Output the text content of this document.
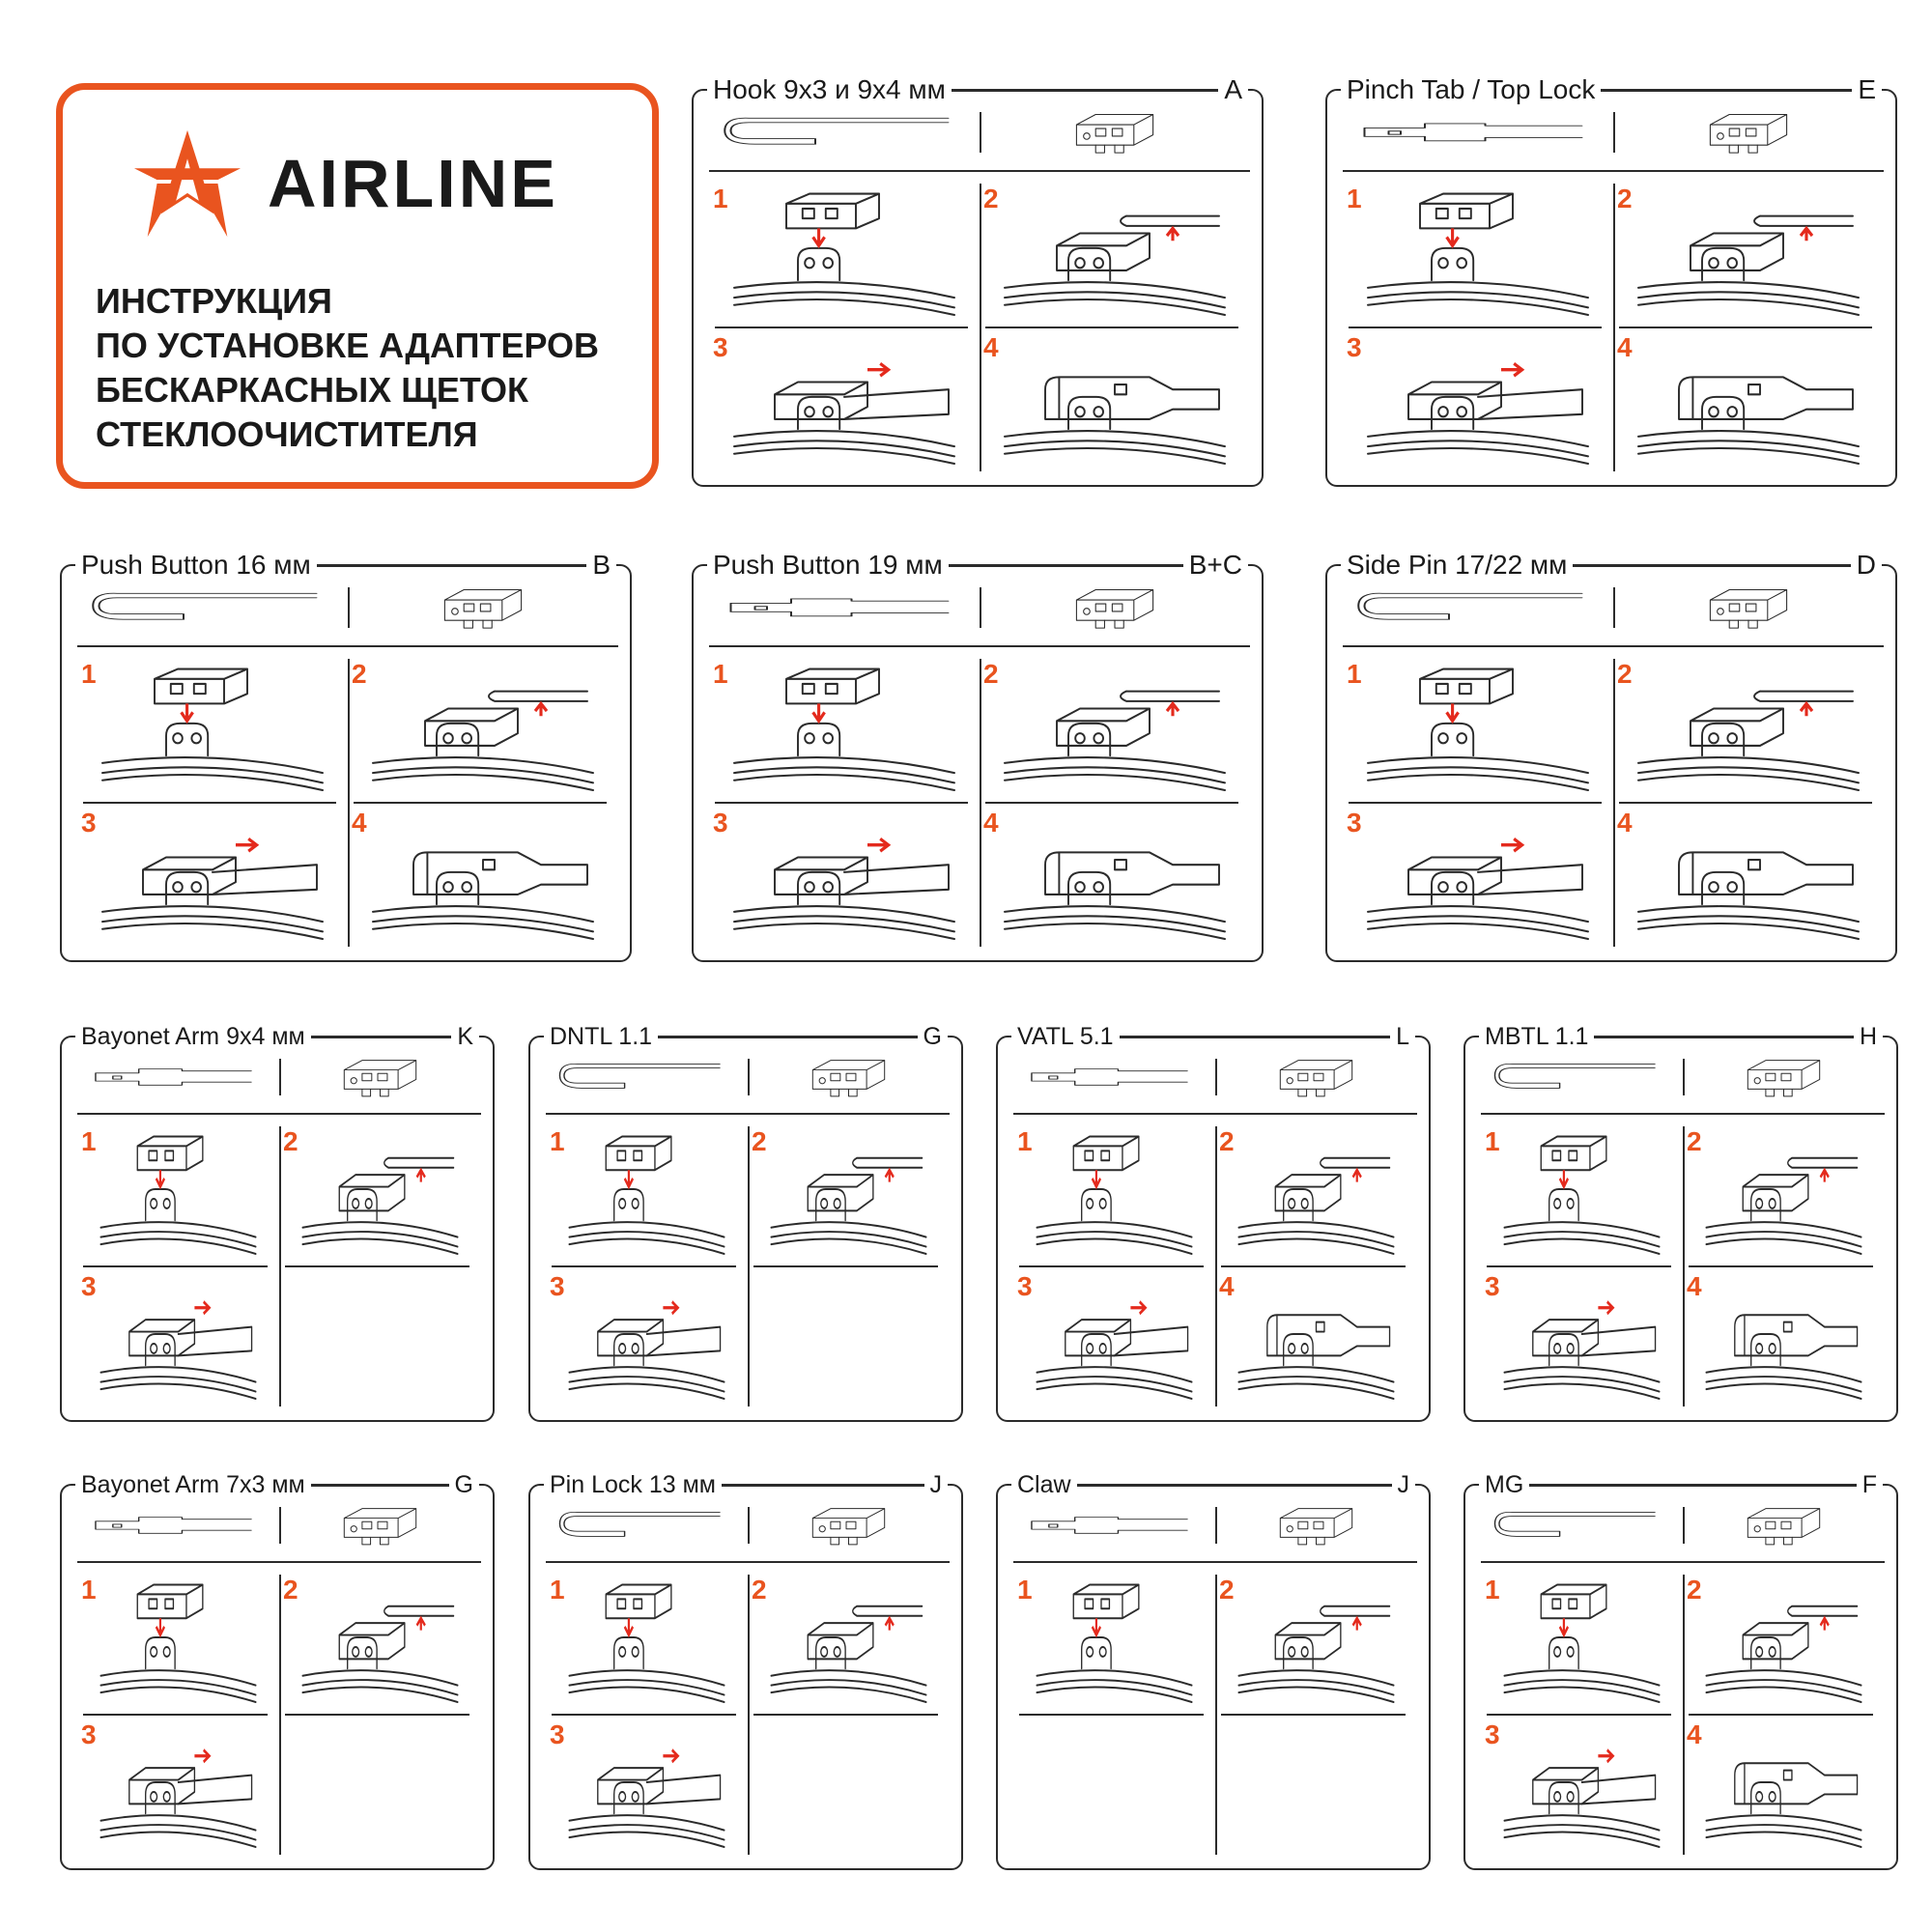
AIRLINE
ИНСТРУКЦИЯ
ПО УСТАНОВКЕ АДАПТЕРОВ
БЕСКАРКАСНЫХ ЩЕТОК
СТЕКЛООЧИСТИТЕЛЯ
Hook 9x3 и 9x4 мм	A
1	2
3	4
Pinch Tab / Top Lock	E
1	2
3	4
Push Button 16 мм	B
1	2
3	4
Push Button 19 мм	B+C
1	2
3	4
Side Pin 17/22 мм	D
1	2
3	4
Bayonet Arm 9x4 мм	K
1	2
3
DNTL 1.1	G
1	2
3
VATL 5.1	L
1	2
3	4
MBTL 1.1	H
1	2
3	4
Bayonet Arm 7x3 мм	G
1	2
3
Pin Lock 13 мм	J
1	2
3
Claw	J
1	2
MG	F
1	2
3	4
